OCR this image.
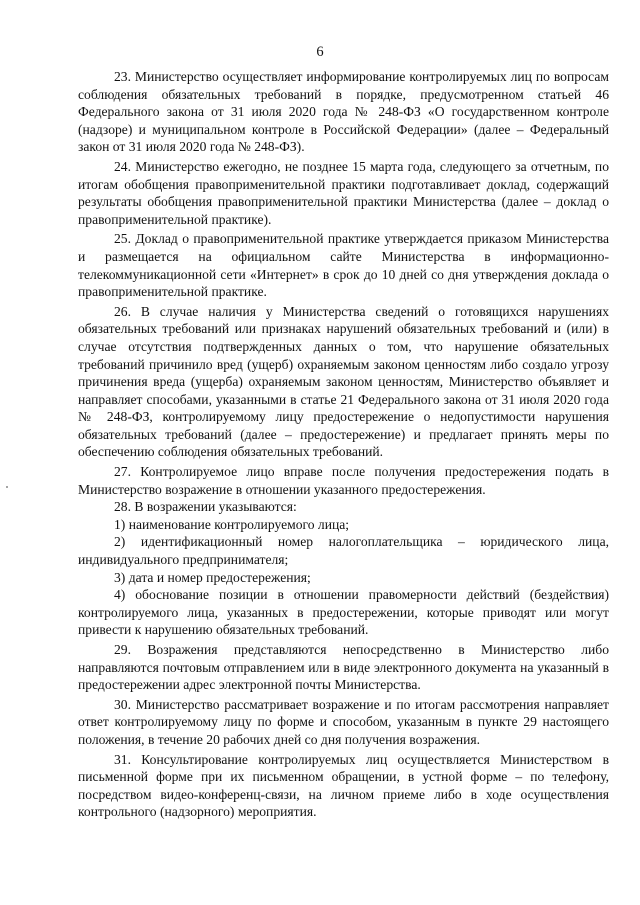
6

23. Министерство осуществляет информирование контролируемых лиц по вопросам соблюдения обязательных требований в порядке, предусмотренном статьей 46 Федерального закона от 31 июля 2020 года № 248-ФЗ «О государственном контроле (надзоре) и муниципальном контроле в Российской Федерации» (далее – Федеральный закон от 31 июля 2020 года № 248-ФЗ).

24. Министерство ежегодно, не позднее 15 марта года, следующего за отчетным, по итогам обобщения правоприменительной практики подготавливает доклад, содержащий результаты обобщения правоприменительной практики Министерства (далее – доклад о правоприменительной практике).

25. Доклад о правоприменительной практике утверждается приказом Министерства и размещается на официальном сайте Министерства в информационно-телекоммуникационной сети «Интернет» в срок до 10 дней со дня утверждения доклада о правоприменительной практике.

26. В случае наличия у Министерства сведений о готовящихся нарушениях обязательных требований или признаках нарушений обязательных требований и (или) в случае отсутствия подтвержденных данных о том, что нарушение обязательных требований причинило вред (ущерб) охраняемым законом ценностям либо создало угрозу причинения вреда (ущерба) охраняемым законом ценностям, Министерство объявляет и направляет способами, указанными в статье 21 Федерального закона от 31 июля 2020 года № 248-ФЗ, контролируемому лицу предостережение о недопустимости нарушения обязательных требований (далее – предостережение) и предлагает принять меры по обеспечению соблюдения обязательных требований.

27. Контролируемое лицо вправе после получения предостережения подать в Министерство возражение в отношении указанного предостережения.

28. В возражении указываются:

1) наименование контролируемого лица;

2) идентификационный номер налогоплательщика – юридического лица, индивидуального предпринимателя;

3) дата и номер предостережения;

4) обоснование позиции в отношении правомерности действий (бездействия) контролируемого лица, указанных в предостережении, которые приводят или могут привести к нарушению обязательных требований.

29. Возражения представляются непосредственно в Министерство либо направляются почтовым отправлением или в виде электронного документа на указанный в предостережении адрес электронной почты Министерства.

30. Министерство рассматривает возражение и по итогам рассмотрения направляет ответ контролируемому лицу по форме и способом, указанным в пункте 29 настоящего положения, в течение 20 рабочих дней со дня получения возражения.

31. Консультирование контролируемых лиц осуществляется Министерством в письменной форме при их письменном обращении, в устной форме – по телефону, посредством видео-конференц-связи, на личном приеме либо в ходе осуществления контрольного (надзорного) мероприятия.
